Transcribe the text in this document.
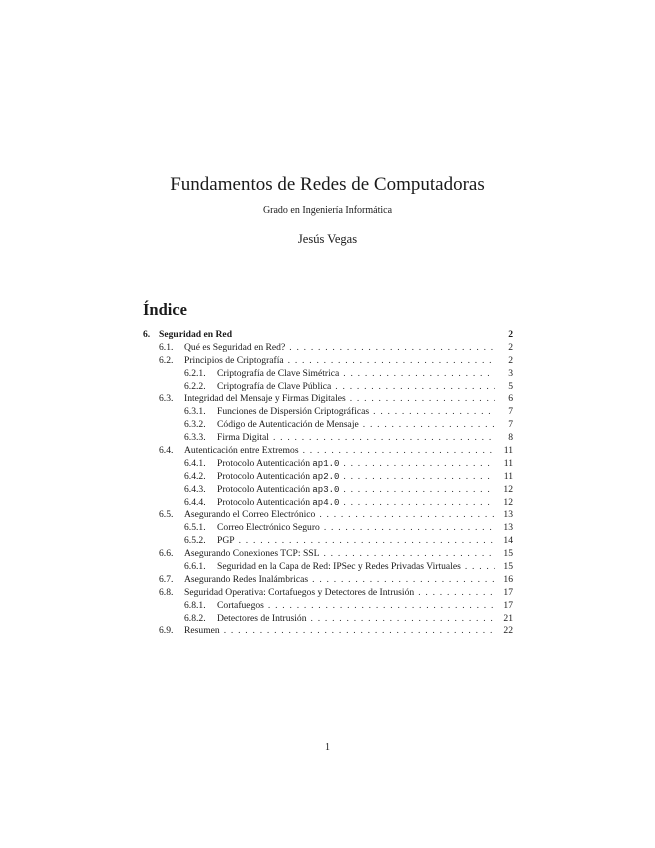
Fundamentos de Redes de Computadoras
Grado en Ingeniería Informática
Jesús Vegas
Índice
6. Seguridad en Red	2
6.1.	Qué es Seguridad en Red? . . .	2
6.2.	Principios de Criptografía . . .	2
6.2.1.	Criptografía de Clave Simétrica . . .	3
6.2.2.	Criptografía de Clave Pública . . .	5
6.3.	Integridad del Mensaje y Firmas Digitales . . .	6
6.3.1.	Funciones de Dispersión Criptográficas . . .	7
6.3.2.	Código de Autenticación de Mensaje . . .	7
6.3.3.	Firma Digital . . .	8
6.4.	Autenticación entre Extremos . . .	11
6.4.1.	Protocolo Autenticación ap1.0 . . .	11
6.4.2.	Protocolo Autenticación ap2.0 . . .	11
6.4.3.	Protocolo Autenticación ap3.0 . . .	12
6.4.4.	Protocolo Autenticación ap4.0 . . .	12
6.5.	Asegurando el Correo Electrónico . . .	13
6.5.1.	Correo Electrónico Seguro . . .	13
6.5.2.	PGP . . .	14
6.6.	Asegurando Conexiones TCP: SSL . . .	15
6.6.1.	Seguridad en la Capa de Red: IPSec y Redes Privadas Virtuales . . .	15
6.7.	Asegurando Redes Inalámbricas . . .	16
6.8.	Seguridad Operativa: Cortafuegos y Detectores de Intrusión . . .	17
6.8.1.	Cortafuegos . . .	17
6.8.2.	Detectores de Intrusión . . .	21
6.9.	Resumen . . .	22
1
